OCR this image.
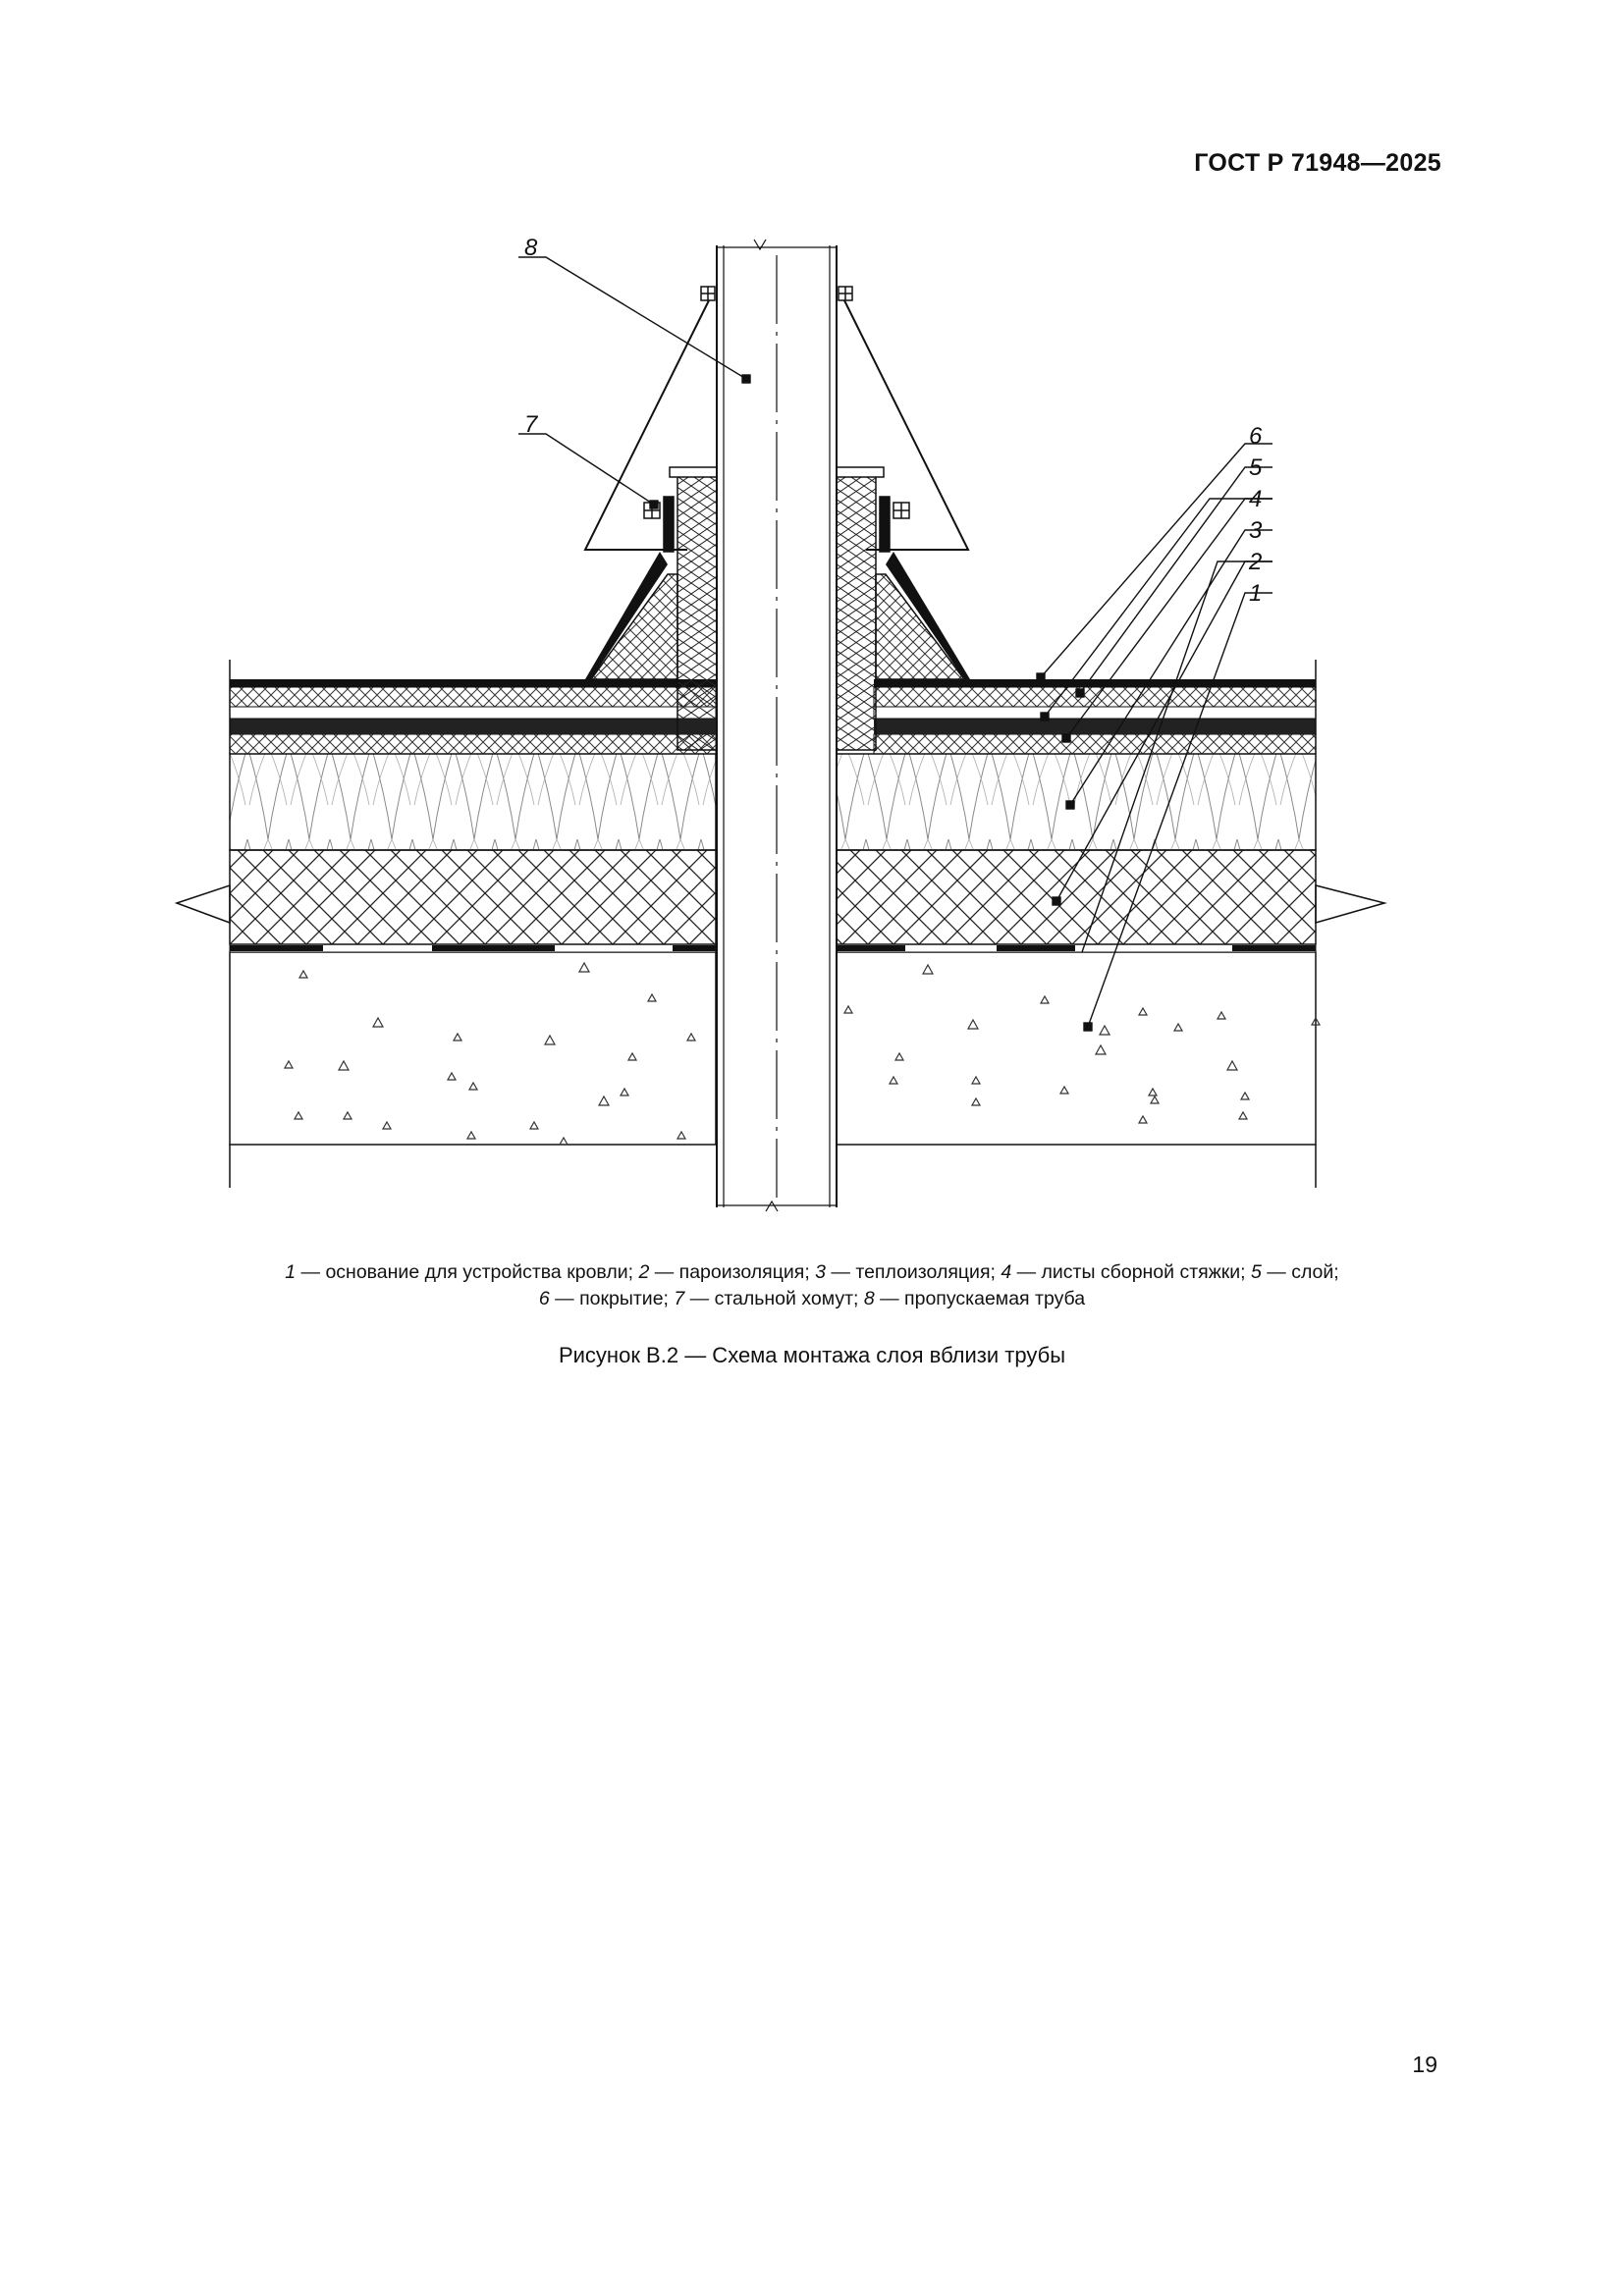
ГОСТ Р 71948—2025
8
7	6
5
4
3
2
1
1 — основание для устройства кровли; 2 — пароизоляция; 3 — теплоизоляция; 4 — листы сборной стяжки; 5 — слой;
6 — покрытие; 7 — стальной хомут; 8 — пропускаемая труба
Рисунок В.2 — Схема монтажа слоя вблизи трубы
19
